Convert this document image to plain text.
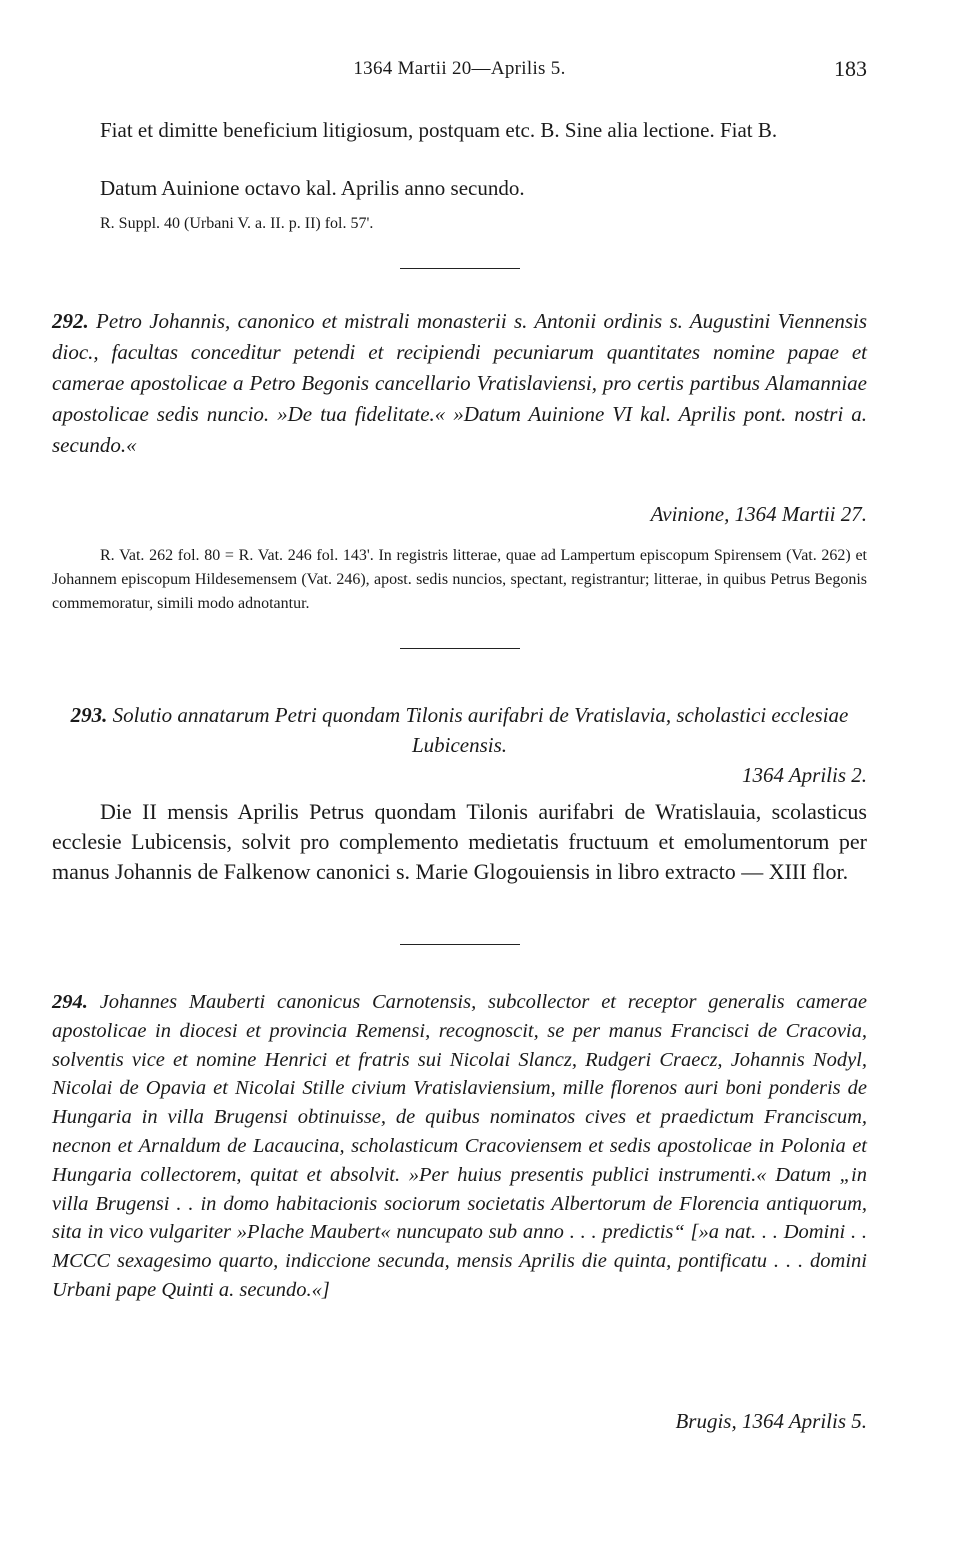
1364 Martii 20—Aprilis 5.	183
Fiat et dimitte beneficium litigiosum, postquam etc. B. Sine alia lectione. Fiat B.
Datum Auinione octavo kal. Aprilis anno secundo.
R. Suppl. 40 (Urbani V. a. II. p. II) fol. 57'.
292. Petro Johannis, canonico et mistrali monasterii s. Antonii ordinis s. Augustini Viennensis dioc., facultas conceditur petendi et recipiendi pecuniarum quantitates nomine papae et camerae apostolicae a Petro Begonis cancellario Vratislaviensi, pro certis partibus Alamanniae apostolicae sedis nuncio. »De tua fidelitate.« »Datum Auinione VI kal. Aprilis pont. nostri a. secundo.«
Avinione, 1364 Martii 27.
R. Vat. 262 fol. 80 = R. Vat. 246 fol. 143'. In registris litterae, quae ad Lampertum episcopum Spirensem (Vat. 262) et Johannem episcopum Hildesemensem (Vat. 246), apost. sedis nuncios, spectant, registrantur; litterae, in quibus Petrus Begonis commemoratur, simili modo adnotantur.
293. Solutio annatarum Petri quondam Tilonis aurifabri de Vratislavia, scholastici ecclesiae Lubicensis.
1364 Aprilis 2.
Die II mensis Aprilis Petrus quondam Tilonis aurifabri de Wratislauia, scolasticus ecclesie Lubicensis, solvit pro complemento medietatis fructuum et emolumentorum per manus Johannis de Falkenow canonici s. Marie Glogouiensis in libro extracto — XIII flor.
294. Johannes Mauberti canonicus Carnotensis, subcollector et receptor generalis camerae apostolicae in diocesi et provincia Remensi, recognoscit, se per manus Francisci de Cracovia, solventis vice et nomine Henrici et fratris sui Nicolai Slancz, Rudgeri Craecz, Johannis Nodyl, Nicolai de Opavia et Nicolai Stille civium Vratislaviensium, mille florenos auri boni ponderis de Hungaria in villa Brugensi obtinuisse, de quibus nominatos cives et praedictum Franciscum, necnon et Arnaldum de Lacaucina, scholasticum Cracoviensem et sedis apostolicae in Polonia et Hungaria collectorem, quitat et absolvit. »Per huius presentis publici instrumenti.« Datum „in villa Brugensi . . in domo habitacionis sociorum societatis Albertorum de Florencia antiquorum, sita in vico vulgariter »Plache Maubert« nuncupato sub anno . . . predictis“ [»a nat. . . Domini . . MCCC sexagesimo quarto, indiccione secunda, mensis Aprilis die quinta, pontificatu . . . domini Urbani pape Quinti a. secundo.«]
Brugis, 1364 Aprilis 5.
